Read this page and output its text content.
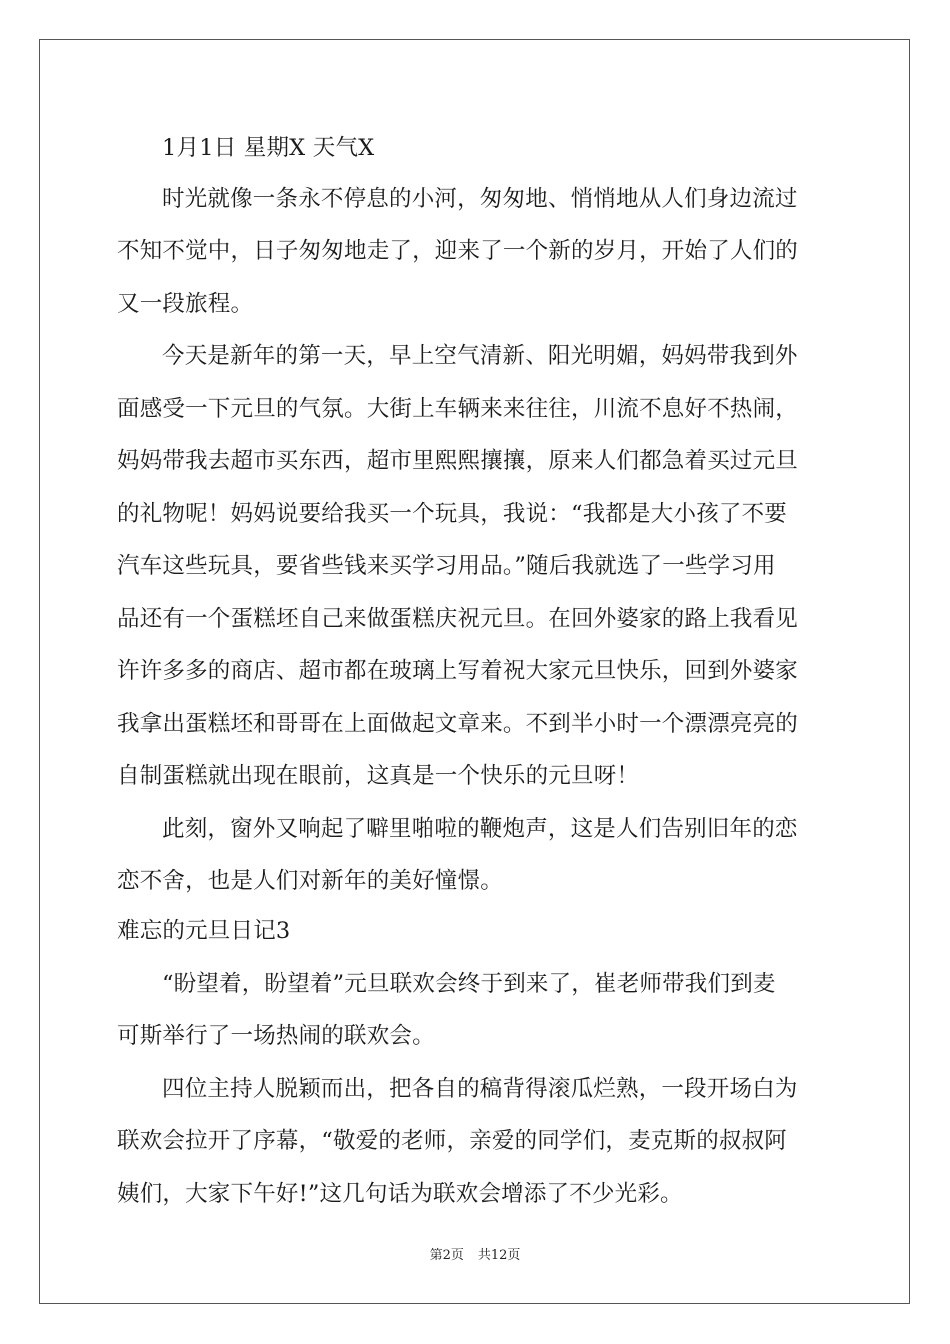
1月1日 星期X 天气X
时光就像一条永不停息的小河，匆匆地、悄悄地从人们身边流过
不知不觉中，日子匆匆地走了，迎来了一个新的岁月，开始了人们的
又一段旅程。
今天是新年的第一天，早上空气清新、阳光明媚，妈妈带我到外
面感受一下元旦的气氛。大街上车辆来来往往，川流不息好不热闹，
妈妈带我去超市买东西，超市里熙熙攘攘，原来人们都急着买过元旦
的礼物呢！妈妈说要给我买一个玩具，我说：“我都是大小孩了不要
汽车这些玩具，要省些钱来买学习用品。”随后我就选了一些学习用
品还有一个蛋糕坯自己来做蛋糕庆祝元旦。在回外婆家的路上我看见
许许多多的商店、超市都在玻璃上写着祝大家元旦快乐，回到外婆家
我拿出蛋糕坯和哥哥在上面做起文章来。不到半小时一个漂漂亮亮的
自制蛋糕就出现在眼前，这真是一个快乐的元旦呀！
此刻，窗外又响起了噼里啪啦的鞭炮声，这是人们告别旧年的恋
恋不舍，也是人们对新年的美好憧憬。
难忘的元旦日记3
“盼望着，盼望着”元旦联欢会终于到来了，崔老师带我们到麦
可斯举行了一场热闹的联欢会。
四位主持人脱颖而出，把各自的稿背得滚瓜烂熟，一段开场白为
联欢会拉开了序幕，“敬爱的老师，亲爱的同学们，麦克斯的叔叔阿
姨们，大家下午好!”这几句话为联欢会增添了不少光彩。
第2页 共12页
